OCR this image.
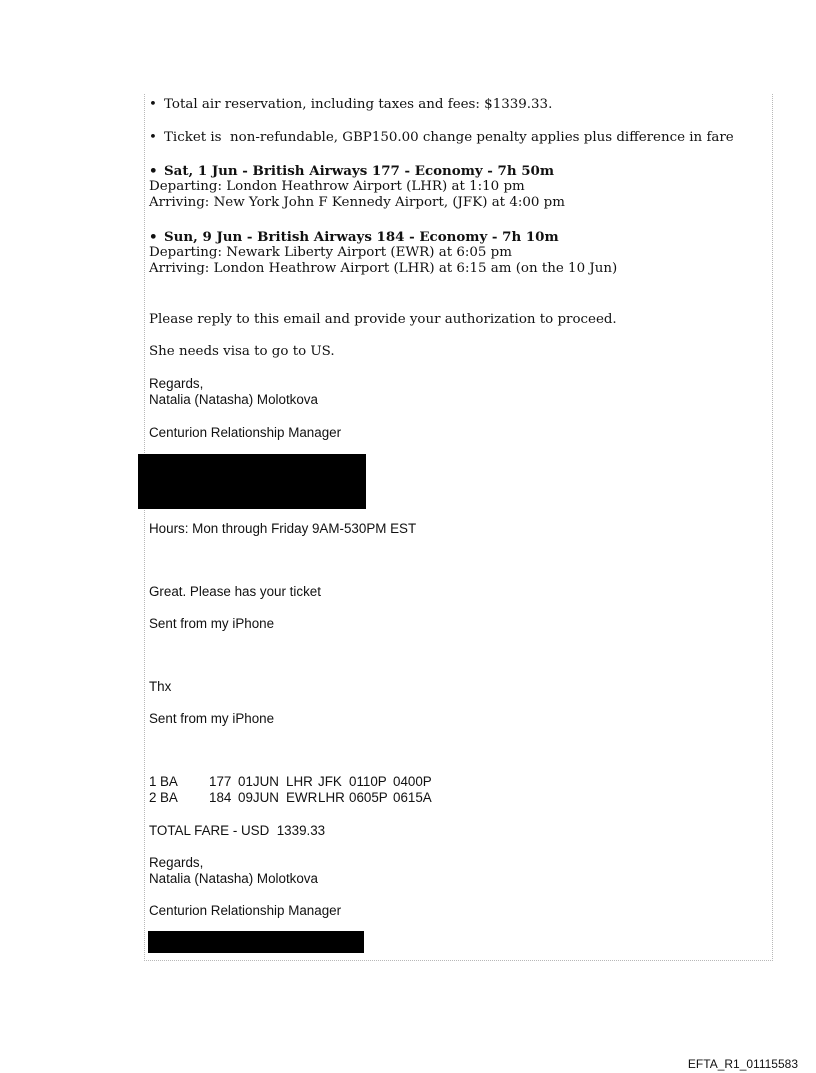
• Total air reservation, including taxes and fees: $1339.33.
• Ticket is  non-refundable, GBP150.00 change penalty applies plus difference in fare
• Sat, 1 Jun - British Airways 177 - Economy - 7h 50m
Departing: London Heathrow Airport (LHR) at 1:10 pm
Arriving: New York John F Kennedy Airport, (JFK) at 4:00 pm
• Sun, 9 Jun - British Airways 184 - Economy - 7h 10m
Departing: Newark Liberty Airport (EWR) at 6:05 pm
Arriving: London Heathrow Airport (LHR) at 6:15 am (on the 10 Jun)
Please reply to this email and provide your authorization to proceed.
She needs visa to go to US.
Regards,
Natalia (Natasha) Molotkova
Centurion Relationship Manager
Hours: Mon through Friday 9AM-530PM EST
Great. Please has your ticket
Sent from my iPhone
Thx
Sent from my iPhone
1 BA 177 01JUN LHR JFK 0110P 0400P
2 BA 184 09JUN EWR LHR 0605P 0615A
TOTAL FARE - USD  1339.33
Regards,
Natalia (Natasha) Molotkova
Centurion Relationship Manager
EFTA_R1_01115583
